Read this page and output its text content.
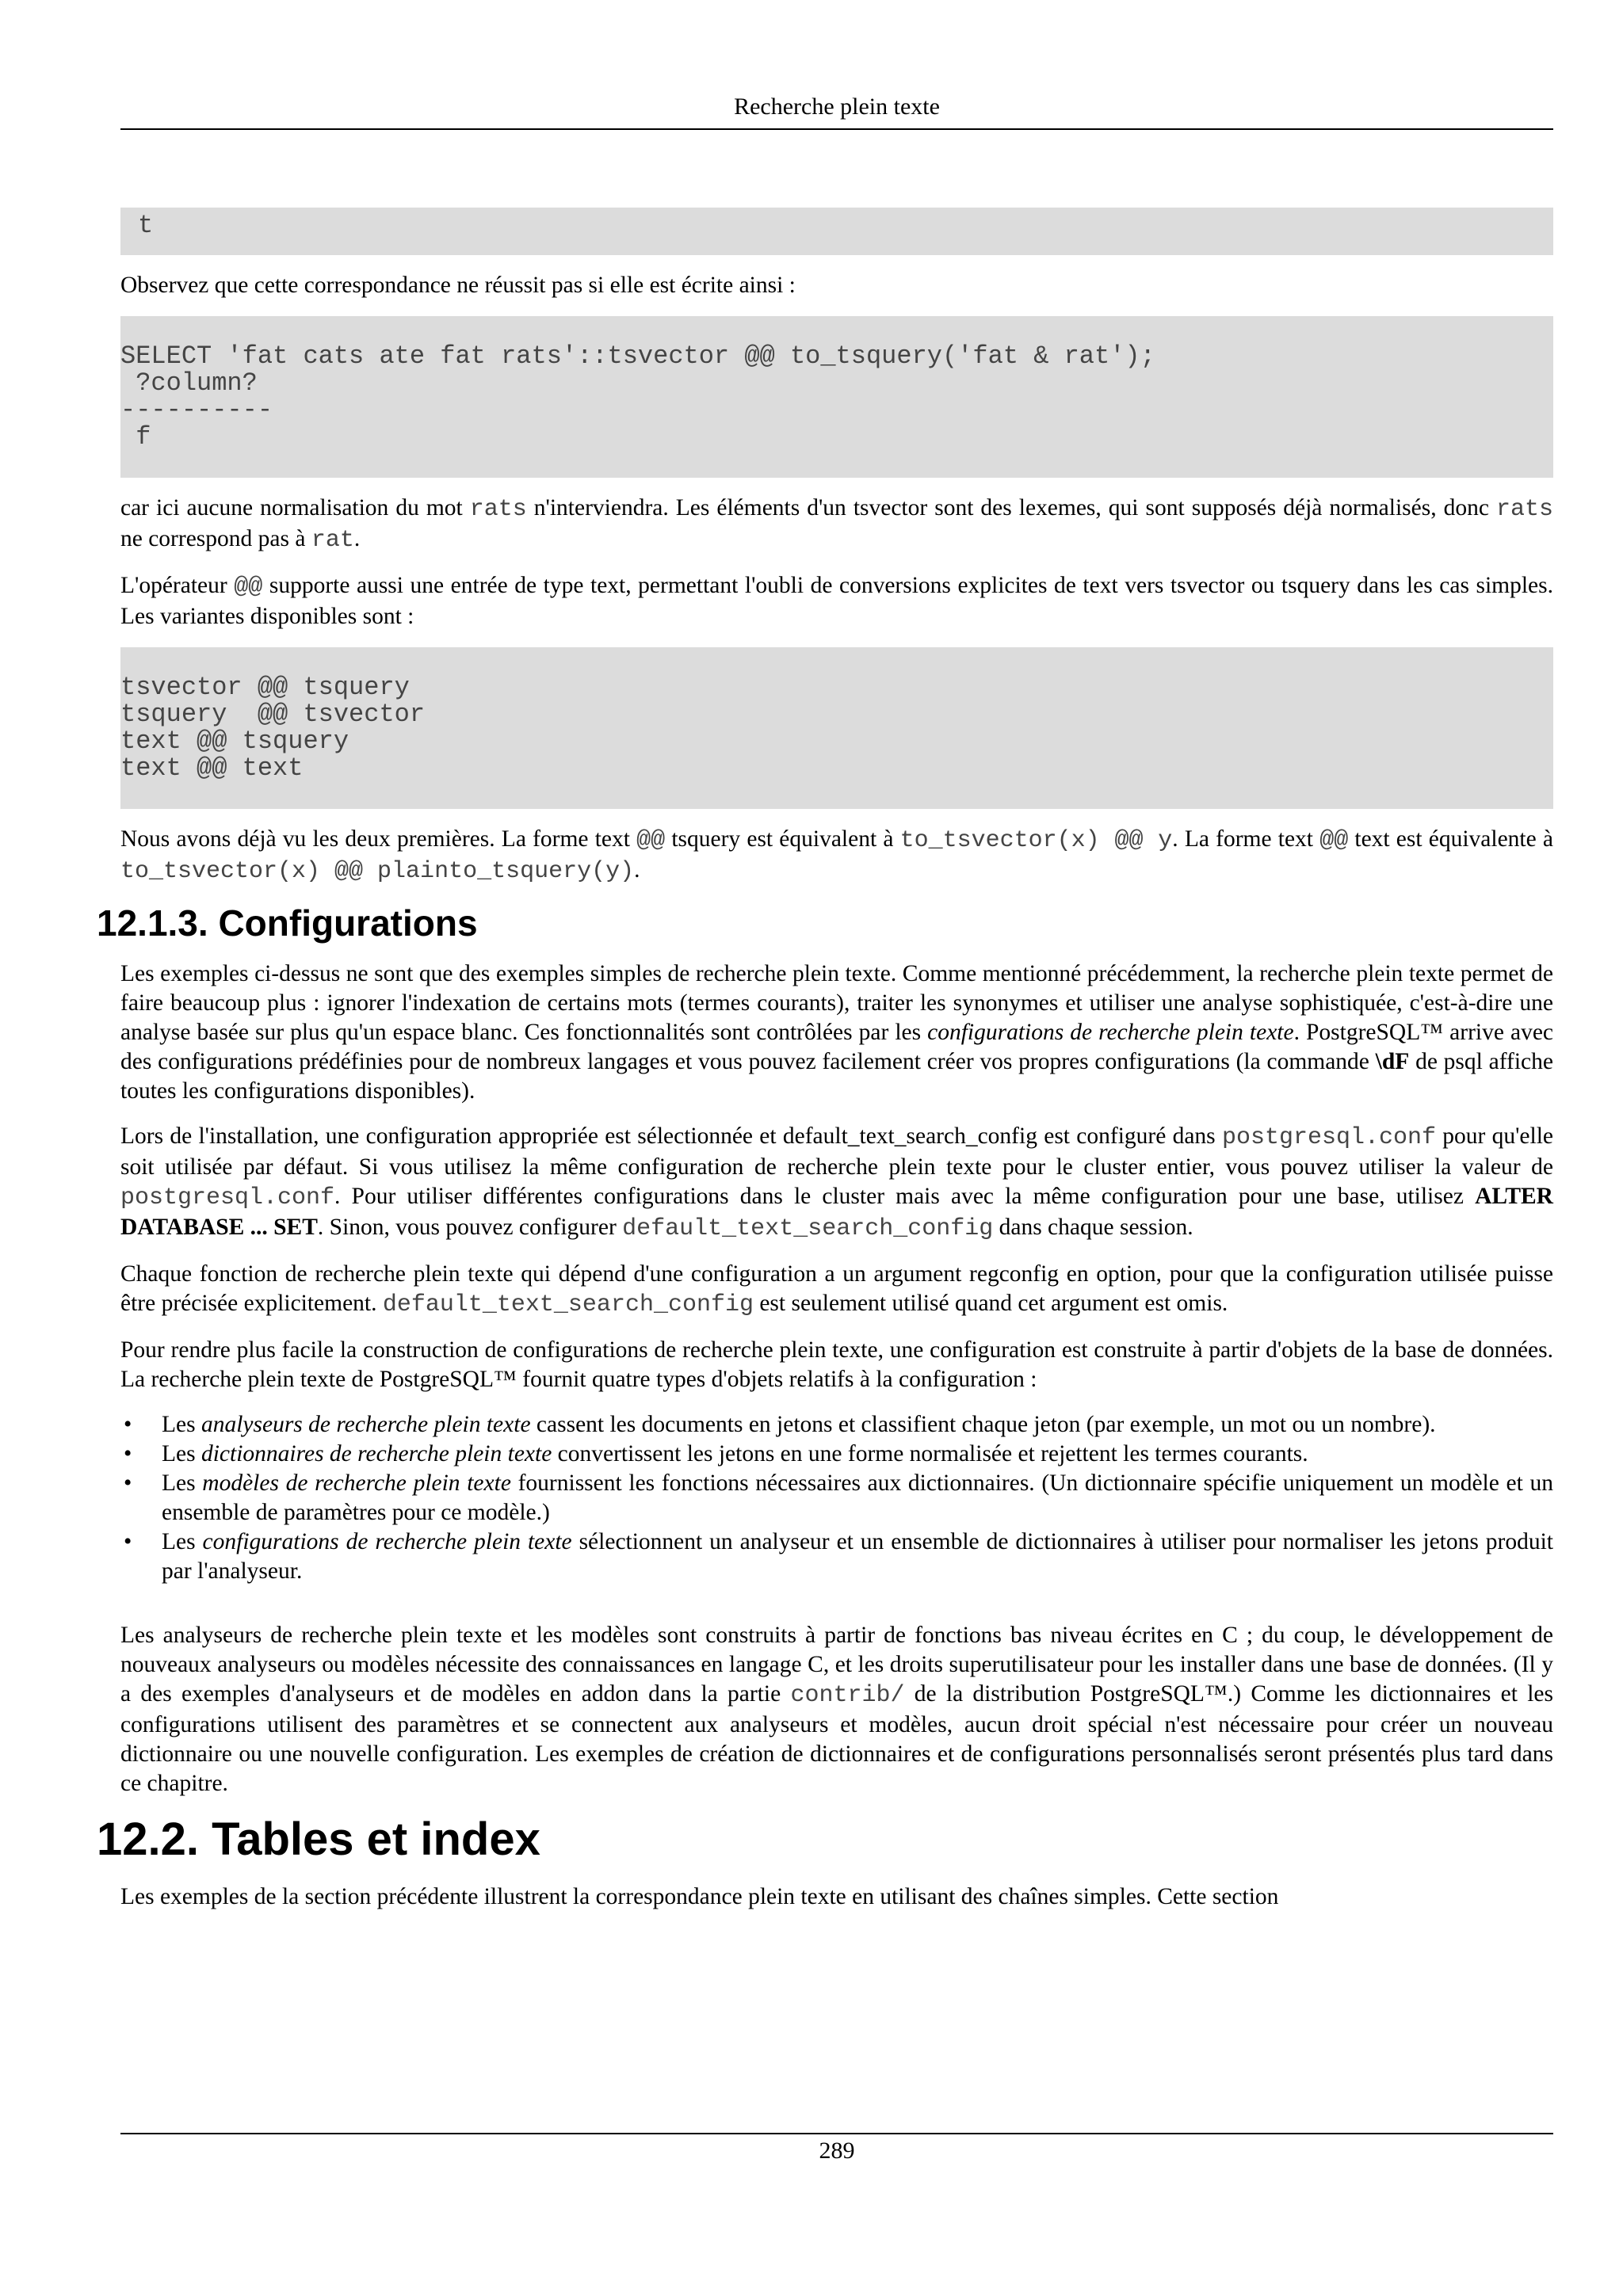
Recherche plein texte
t

Observez que cette correspondance ne réussit pas si elle est écrite ainsi :

SELECT 'fat cats ate fat rats'::tsvector @@ to_tsquery('fat & rat');
?column?
----------
f

car ici aucune normalisation du mot rats n'interviendra. Les éléments d'un tsvector sont des lexemes, qui sont supposés déjà normalisés, donc rats ne correspond pas à rat.

L'opérateur @@ supporte aussi une entrée de type text, permettant l'oubli de conversions explicites de text vers tsvector ou tsquery dans les cas simples. Les variantes disponibles sont :

tsvector @@ tsquery
tsquery  @@ tsvector
text @@ tsquery
text @@ text

Nous avons déjà vu les deux premières. La forme text @@ tsquery est équivalent à to_tsvector(x) @@ y. La forme text @@ text est équivalente à to_tsvector(x) @@ plainto_tsquery(y).

12.1.3. Configurations

Les exemples ci-dessus ne sont que des exemples simples de recherche plein texte. Comme mentionné précédemment, la recherche plein texte permet de faire beaucoup plus : ignorer l'indexation de certains mots (termes courants), traiter les synonymes et utiliser une analyse sophistiquée, c'est-à-dire une analyse basée sur plus qu'un espace blanc. Ces fonctionnalités sont contrôlées par les configurations de recherche plein texte. PostgreSQL™ arrive avec des configurations prédéfinies pour de nombreux langages et vous pouvez facilement créer vos propres configurations (la commande \dF de psql affiche toutes les configurations disponibles).

Lors de l'installation, une configuration appropriée est sélectionnée et default_text_search_config est configuré dans postgresql.conf pour qu'elle soit utilisée par défaut. Si vous utilisez la même configuration de recherche plein texte pour le cluster entier, vous pouvez utiliser la valeur de postgresql.conf. Pour utiliser différentes configurations dans le cluster mais avec la même configuration pour une base, utilisez ALTER DATABASE ... SET. Sinon, vous pouvez configurer default_text_search_config dans chaque session.

Chaque fonction de recherche plein texte qui dépend d'une configuration a un argument regconfig en option, pour que la configuration utilisée puisse être précisée explicitement. default_text_search_config est seulement utilisé quand cet argument est omis.

Pour rendre plus facile la construction de configurations de recherche plein texte, une configuration est construite à partir d'objets de la base de données. La recherche plein texte de PostgreSQL™ fournit quatre types d'objets relatifs à la configuration :

• Les analyseurs de recherche plein texte cassent les documents en jetons et classifient chaque jeton (par exemple, un mot ou un nombre).
• Les dictionnaires de recherche plein texte convertissent les jetons en une forme normalisée et rejettent les termes courants.
• Les modèles de recherche plein texte fournissent les fonctions nécessaires aux dictionnaires. (Un dictionnaire spécifie uniquement un modèle et un ensemble de paramètres pour ce modèle.)
• Les configurations de recherche plein texte sélectionnent un analyseur et un ensemble de dictionnaires à utiliser pour normaliser les jetons produit par l'analyseur.

Les analyseurs de recherche plein texte et les modèles sont construits à partir de fonctions bas niveau écrites en C ; du coup, le développement de nouveaux analyseurs ou modèles nécessite des connaissances en langage C, et les droits superutilisateur pour les installer dans une base de données. (Il y a des exemples d'analyseurs et de modèles en addon dans la partie contrib/ de la distribution PostgreSQL™.) Comme les dictionnaires et les configurations utilisent des paramètres et se connectent aux analyseurs et modèles, aucun droit spécial n'est nécessaire pour créer un nouveau dictionnaire ou une nouvelle configuration. Les exemples de création de dictionnaires et de configurations personnalisés seront présentés plus tard dans ce chapitre.

12.2. Tables et index

Les exemples de la section précédente illustrent la correspondance plein texte en utilisant des chaînes simples. Cette section

289
